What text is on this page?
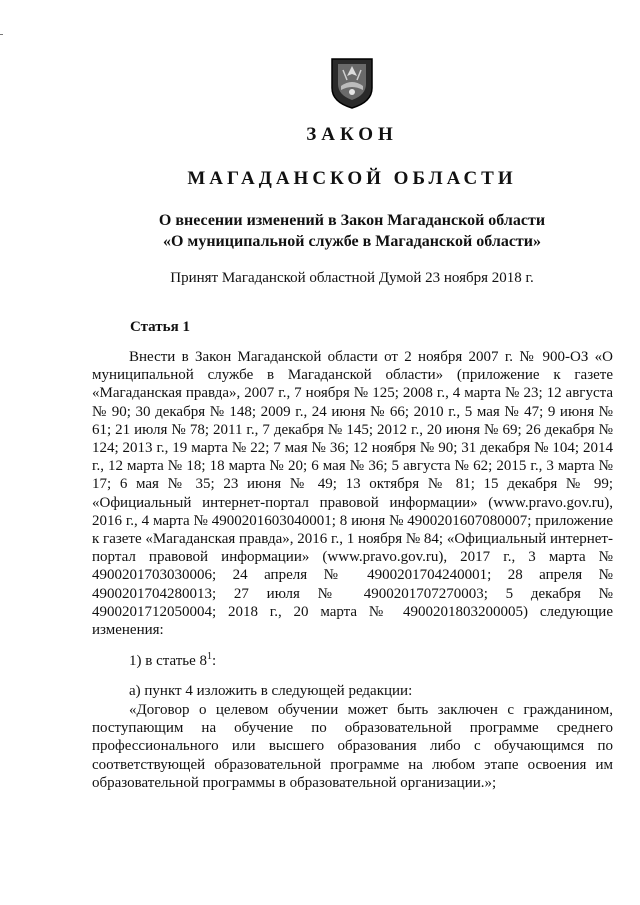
ЗАКОН
МАГАДАНСКОЙ ОБЛАСТИ
О внесении изменений в Закон Магаданской области
«О муниципальной службе в Магаданской области»
Принят Магаданской областной Думой 23 ноября 2018 г.
Статья 1
Внести в Закон Магаданской области от 2 ноября 2007 г. № 900-ОЗ «О муниципальной службе в Магаданской области» (приложение к газете «Магаданская правда», 2007 г., 7 ноября № 125; 2008 г., 4 марта № 23; 12 августа № 90; 30 декабря № 148; 2009 г., 24 июня № 66; 2010 г., 5 мая № 47; 9 июня № 61; 21 июля № 78; 2011 г., 7 декабря № 145; 2012 г., 20 июня № 69; 26 декабря № 124; 2013 г., 19 марта № 22; 7 мая № 36; 12 ноября № 90; 31 декабря № 104; 2014 г., 12 марта № 18; 18 марта № 20; 6 мая № 36; 5 августа № 62; 2015 г., 3 марта № 17; 6 мая № 35; 23 июня № 49; 13 октября № 81; 15 декабря № 99; «Официальный интернет-портал правовой информации» (www.pravo.gov.ru), 2016 г., 4 марта № 4900201603040001; 8 июня № 4900201607080007; приложение к газете «Магаданская правда», 2016 г., 1 ноября № 84; «Официальный интернет-портал правовой информации» (www.pravo.gov.ru), 2017 г., 3 марта № 4900201703030006; 24 апреля № 4900201704240001; 28 апреля № 4900201704280013; 27 июля № 4900201707270003; 5 декабря № 4900201712050004; 2018 г., 20 марта № 4900201803200005) следующие изменения:
1) в статье $8^1$:
а) пункт 4 изложить в следующей редакции:
«Договор о целевом обучении может быть заключен с гражданином, поступающим на обучение по образовательной программе среднего профессионального или высшего образования либо с обучающимся по соответствующей образовательной программе на любом этапе освоения им образовательной программы в образовательной организации.»;
